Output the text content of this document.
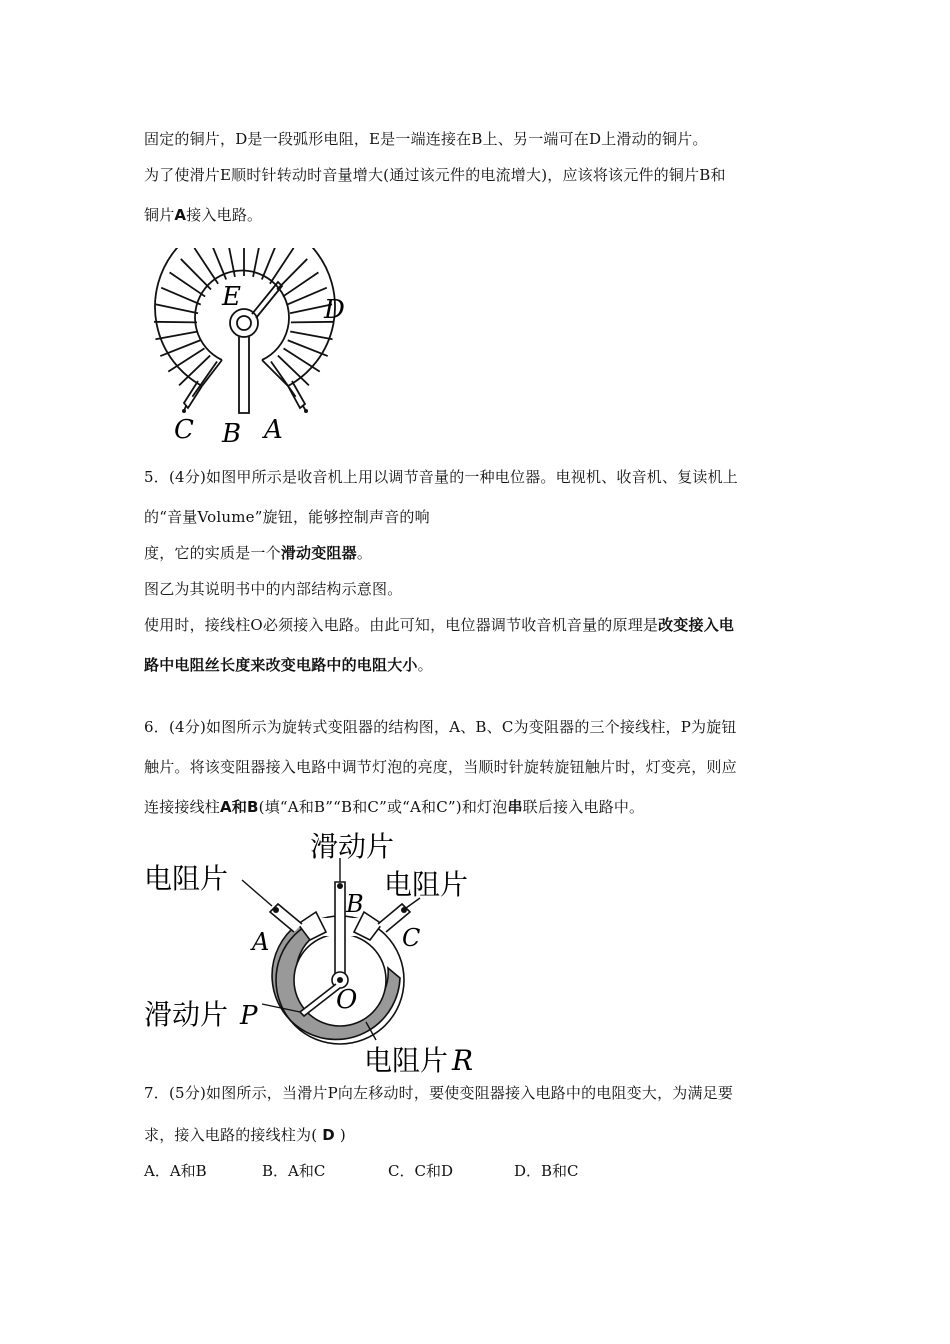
固定的铜片，D是一段弧形电阻，E是一端连接在B上、另一端可在D上滑动的铜片。
为了使滑片E顺时针转动时音量增大(通过该元件的电流增大)，应该将该元件的铜片B和
铜片A接入电路。
E	D
C B A
5．(4分)如图甲所示是收音机上用以调节音量的一种电位器。电视机、收音机、复读机上
的“音量Volume”旋钮，能够控制声音的响
度，它的实质是一个滑动变阻器。
图乙为其说明书中的内部结构示意图。
使用时，接线柱O必须接入电路。由此可知，电位器调节收音机音量的原理是改变接入电
路中电阻丝长度来改变电路中的电阻大小。
6．(4分)如图所示为旋转式变阻器的结构图，A、B、C为变阻器的三个接线柱，P为旋钮
触片。将该变阻器接入电路中调节灯泡的亮度，当顺时针旋转旋钮触片时，灯变亮，则应
连接接线柱A和B(填“A和B”“B和C”或“A和C”)和灯泡串联后接入电路中。
滑动片
电阻片	电阻片
A
B
C
滑动片 P
O
电阻片 R
7．(5分)如图所示，当滑片P向左移动时，要使变阻器接入电路中的电阻变大，为满足要
求，接入电路的接线柱为( D )
A．A和B	B．A和C	C．C和D	D．B和C
